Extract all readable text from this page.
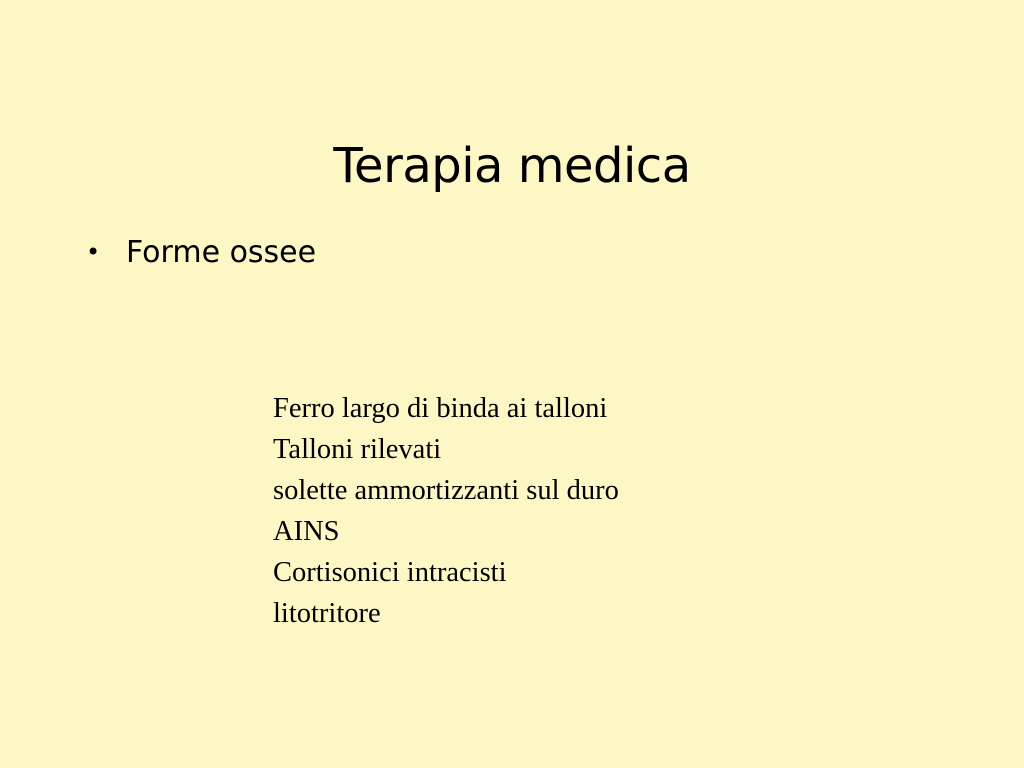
Terapia medica
• Forme ossee
Ferro largo di binda ai talloni
Talloni rilevati
solette ammortizzanti sul duro
AINS
Cortisonici intracisti
litotritore
